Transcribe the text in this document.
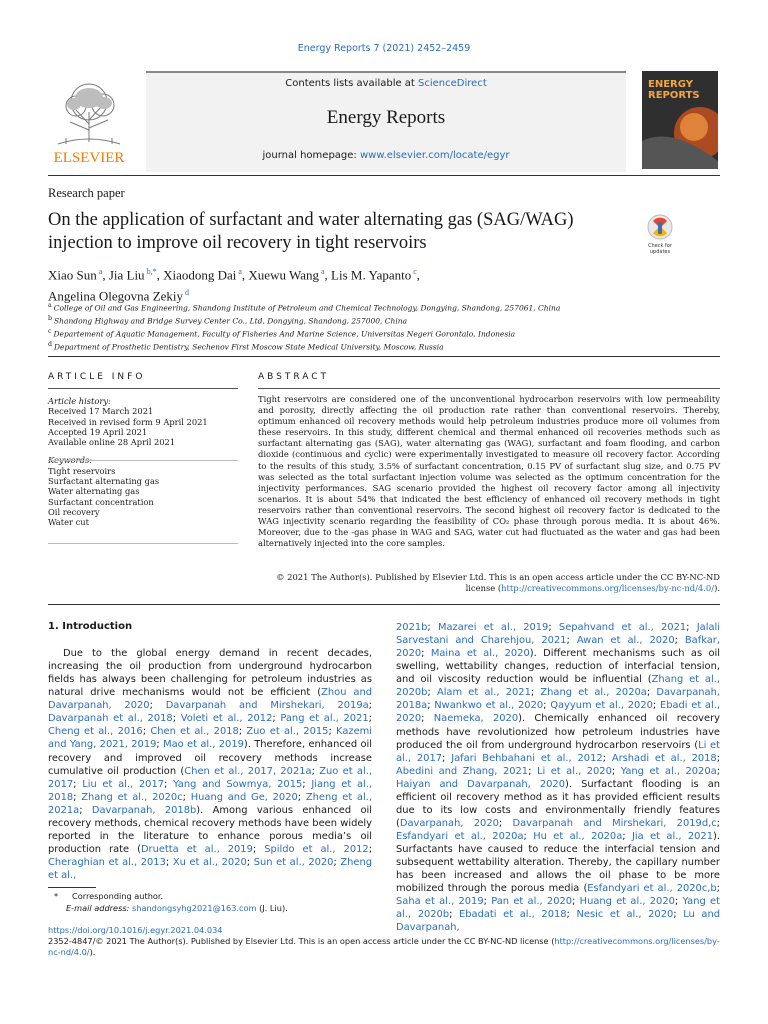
Energy Reports 7 (2021) 2452–2459
Contents lists available at ScienceDirect
Energy Reports
journal homepage: www.elsevier.com/locate/egyr
ELSEVIER
ENERGY
REPORTS
Research paper
On the application of surfactant and water alternating gas (SAG/WAG) injection to improve oil recovery in tight reservoirs	Check for
updates
Xiao Sun $^a$, Jia Liu $^{b,*}$, Xiaodong Dai $^a$, Xuewu Wang $^a$, Lis M. Yapanto $^c$,
Angelina Olegovna Zekiy $^d$
$^a$ College of Oil and Gas Engineering, Shandong Institute of Petroleum and Chemical Technology, Dongying, Shandong, 257061, China
$^b$ Shandong Highway and Bridge Survey Center Co., Ltd, Dongying, Shandong, 257000, China
$^c$ Departement of Aquatic Management, Faculty of Fisheries And Marine Science, Universitas Negeri Gorontalo, Indonesia
$^d$ Department of Prosthetic Dentistry, Sechenov First Moscow State Medical University, Moscow, Russia
ARTICLE INFO	ABSTRACT
Article history:
Received 17 March 2021
Received in revised form 9 April 2021
Accepted 19 April 2021
Available online 28 April 2021
Tight reservoirs
Surfactant alternating gas
Water alternating gas
Surfactant concentration
Oil recovery
Water cut
Tight reservoirs are considered one of the unconventional hydrocarbon reservoirs with low permeability and porosity, directly affecting the oil production rate rather than conventional reservoirs. Thereby, optimum enhanced oil recovery methods would help petroleum industries produce more oil volumes from these reservoirs. In this study, different chemical and thermal enhanced oil recoveries methods such as surfactant alternating gas (SAG), water alternating gas (WAG), surfactant and foam flooding, and carbon dioxide (continuous and cyclic) were experimentally investigated to measure oil recovery factor. According to the results of this study, 3.5% of surfactant concentration, 0.15 PV of surfactant slug size, and 0.75 PV was selected as the total surfactant injection volume was selected as the optimum concentration for the injectivity performances. SAG scenario provided the highest oil recovery factor among all injectivity scenarios. It is about 54% that indicated the best efficiency of enhanced oil recovery methods in tight reservoirs rather than conventional reservoirs. The second highest oil recovery factor is dedicated to the WAG injectivity scenario regarding the feasibility of CO₂ phase through porous media. It is about 46%. Moreover, due to the -gas phase in WAG and SAG, water cut had fluctuated as the water and gas had been alternatively injected into the core samples.
© 2021 The Author(s). Published by Elsevier Ltd. This is an open access article under the CC BY-NC-ND
license (http://creativecommons.org/licenses/by-nc-nd/4.0/).
1. Introduction
Due to the global energy demand in recent decades, increasing the oil production from underground hydrocarbon fields has always been challenging for petroleum industries as natural drive mechanisms would not be efficient (Zhou and Davarpanah, 2020; Davarpanah and Mirshekari, 2019a; Davarpanah et al., 2018; Voleti et al., 2012; Pang et al., 2021; Cheng et al., 2016; Chen et al., 2018; Zuo et al., 2015; Kazemi and Yang, 2021, 2019; Mao et al., 2019). Therefore, enhanced oil recovery and improved oil recovery methods increase cumulative oil production (Chen et al., 2017, 2021a; Zuo et al., 2017; Liu et al., 2017; Yang and Sowmya, 2015; Jiang et al., 2018; Zhang et al., 2020c; Huang and Ge, 2020; Zheng et al., 2021a; Davarpanah, 2018b). Among various enhanced oil recovery methods, chemical recovery methods have been widely reported in the literature to enhance porous media’s oil production rate (Druetta et al., 2019; Spildo et al., 2012; Cheraghian et al., 2013; Xu et al., 2020; Sun et al., 2020; Zheng et al.,
2021b; Mazarei et al., 2019; Sepahvand et al., 2021; Jalali Sarvestani and Charehjou, 2021; Awan et al., 2020; Bafkar, 2020; Maina et al., 2020). Different mechanisms such as oil swelling, wettability changes, reduction of interfacial tension, and oil viscosity reduction would be influential (Zhang et al., 2020b; Alam et al., 2021; Zhang et al., 2020a; Davarpanah, 2018a; Nwankwo et al., 2020; Qayyum et al., 2020; Ebadi et al., 2020; Naemeka, 2020). Chemically enhanced oil recovery methods have revolutionized how petroleum industries have produced the oil from underground hydrocarbon reservoirs (Li et al., 2017; Jafari Behbahani et al., 2012; Arshadi et al., 2018; Abedini and Zhang, 2021; Li et al., 2020; Yang et al., 2020a; Haiyan and Davarpanah, 2020). Surfactant flooding is an efficient oil recovery method as it has provided efficient results due to its low costs and environmentally friendly features (Davarpanah, 2020; Davarpanah and Mirshekari, 2019d,c; Esfandyari et al., 2020a; Hu et al., 2020a; Jia et al., 2021). Surfactants have caused to reduce the interfacial tension and subsequent wettability alteration. Thereby, the capillary number has been increased and allows the oil phase to be more mobilized through the porous media (Esfandyari et al., 2020c,b; Saha et al., 2019; Pan et al., 2020; Huang et al., 2020; Yang et al., 2020b; Ebadati et al., 2018; Nesic et al., 2020; Lu and Davarpanah,
* Corresponding author.
E-mail address: shandongsyhg2021@163.com (J. Liu).
https://doi.org/10.1016/j.egyr.2021.04.034
2352-4847/© 2021 The Author(s). Published by Elsevier Ltd. This is an open access article under the CC BY-NC-ND license (http://creativecommons.org/licenses/by-nc-nd/4.0/).
